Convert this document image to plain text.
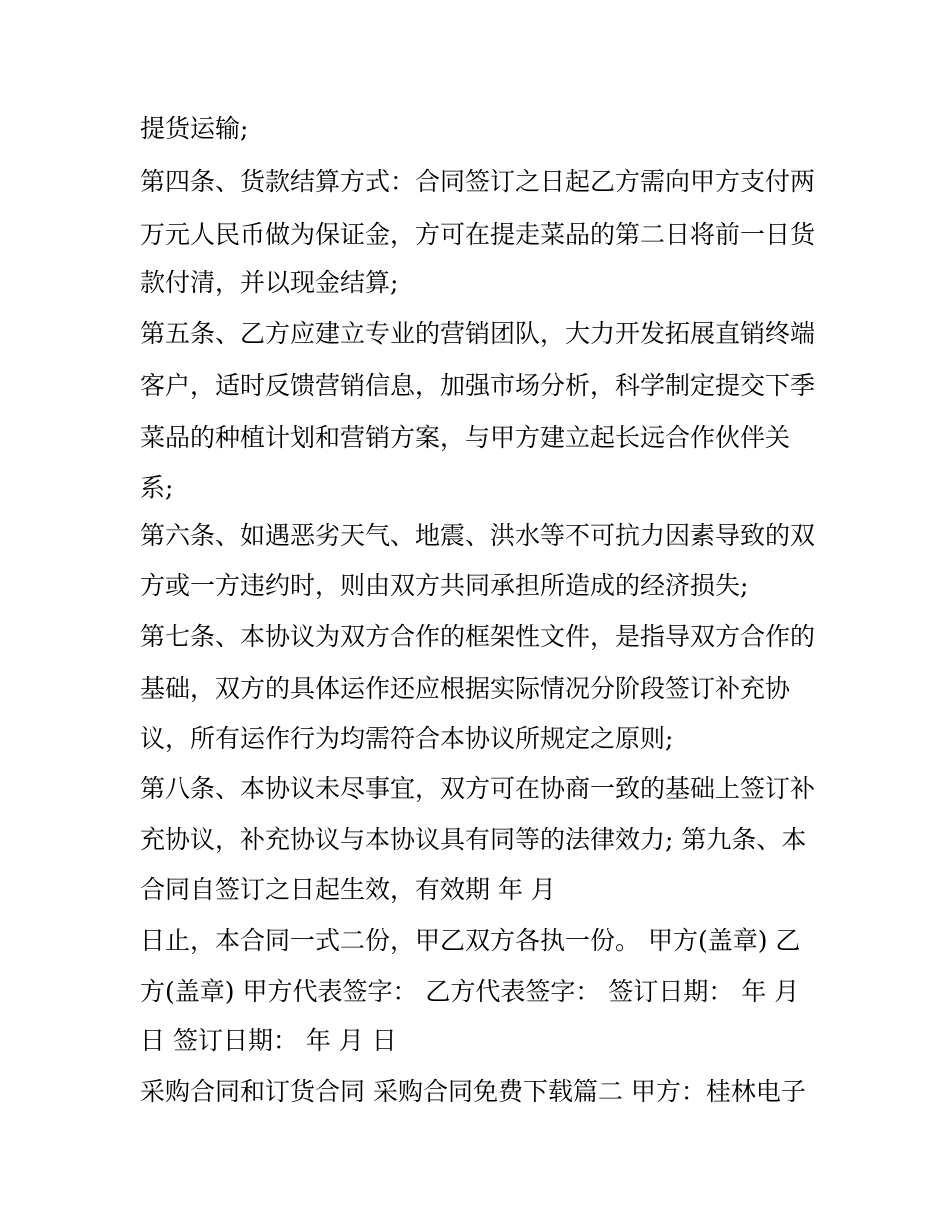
提货运输;

第四条、货款结算方式：合同签订之日起乙方需向甲方支付两

万元人民币做为保证金，方可在提走菜品的第二日将前一日货

款付清，并以现金结算;

第五条、乙方应建立专业的营销团队，大力开发拓展直销终端

客户，适时反馈营销信息，加强市场分析，科学制定提交下季

菜品的种植计划和营销方案，与甲方建立起长远合作伙伴关

系;

第六条、如遇恶劣天气、地震、洪水等不可抗力因素导致的双

方或一方违约时，则由双方共同承担所造成的经济损失;

第七条、本协议为双方合作的框架性文件，是指导双方合作的

基础，双方的具体运作还应根据实际情况分阶段签订补充协

议，所有运作行为均需符合本协议所规定之原则;

第八条、本协议未尽事宜，双方可在协商一致的基础上签订补

充协议，补充协议与本协议具有同等的法律效力; 第九条、本

合同自签订之日起生效，有效期 年 月

日止，本合同一式二份，甲乙双方各执一份。 甲方(盖章) 乙

方(盖章) 甲方代表签字： 乙方代表签字： 签订日期： 年 月

日 签订日期： 年 月 日

采购合同和订货合同 采购合同免费下载篇二 甲方：桂林电子
